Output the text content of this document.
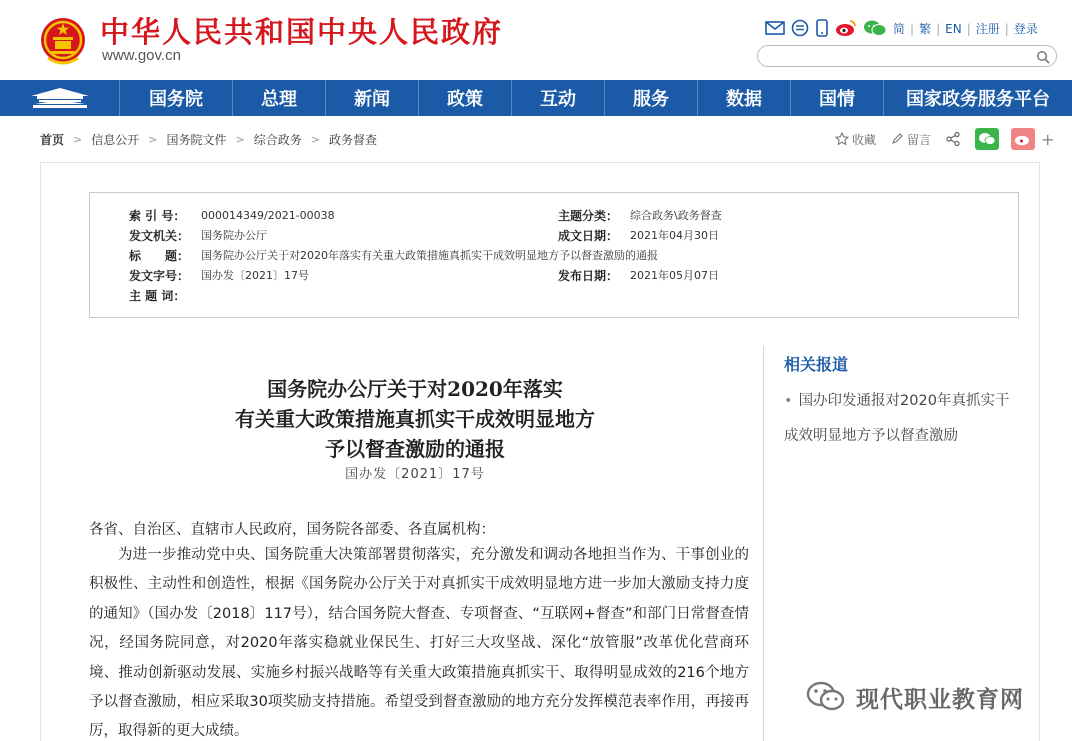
中华人民共和国中央人民政府
www.gov.cn
简 | 繁 | EN | 注册 | 登录
国务院	总理	新闻	政策	互动	服务	数据	国情	国家政务服务平台
首页 > 信息公开 > 国务院文件 > 综合政务 > 政务督查	收藏	留言	+
索 引 号：	000014349/2021-00038	主题分类：	综合政务\政务督查
发文机关：	国务院办公厅	成文日期：	2021年04月30日
标　　题：	国务院办公厅关于对2020年落实有关重大政策措施真抓实干成效明显地方予以督查激励的通报
发文字号：	国办发〔2021〕17号	发布日期：	2021年05月07日
主 题 词：
国务院办公厅关于对2020年落实
有关重大政策措施真抓实干成效明显地方
予以督查激励的通报
国办发〔2021〕17号
各省、自治区、直辖市人民政府，国务院各部委、各直属机构：

为进一步推动党中央、国务院重大决策部署贯彻落实，充分激发和调动各地担当作为、干事创业的积极性、主动性和创造性，根据《国务院办公厅关于对真抓实干成效明显地方进一步加大激励支持力度的通知》（国办发〔2018〕117号），结合国务院大督查、专项督查、“互联网+督查”和部门日常督查情况，经国务院同意，对2020年落实稳就业保民生、打好三大攻坚战、深化“放管服”改革优化营商环境、推动创新驱动发展、实施乡村振兴战略等有关重大政策措施真抓实干、取得明显成效的216个地方予以督查激励，相应采取30项奖励支持措施。希望受到督查激励的地方充分发挥模范表率作用，再接再厉，取得新的更大成绩。

相关报道
• 国办印发通报对2020年真抓实干成效明显地方予以督查激励
现代职业教育网
